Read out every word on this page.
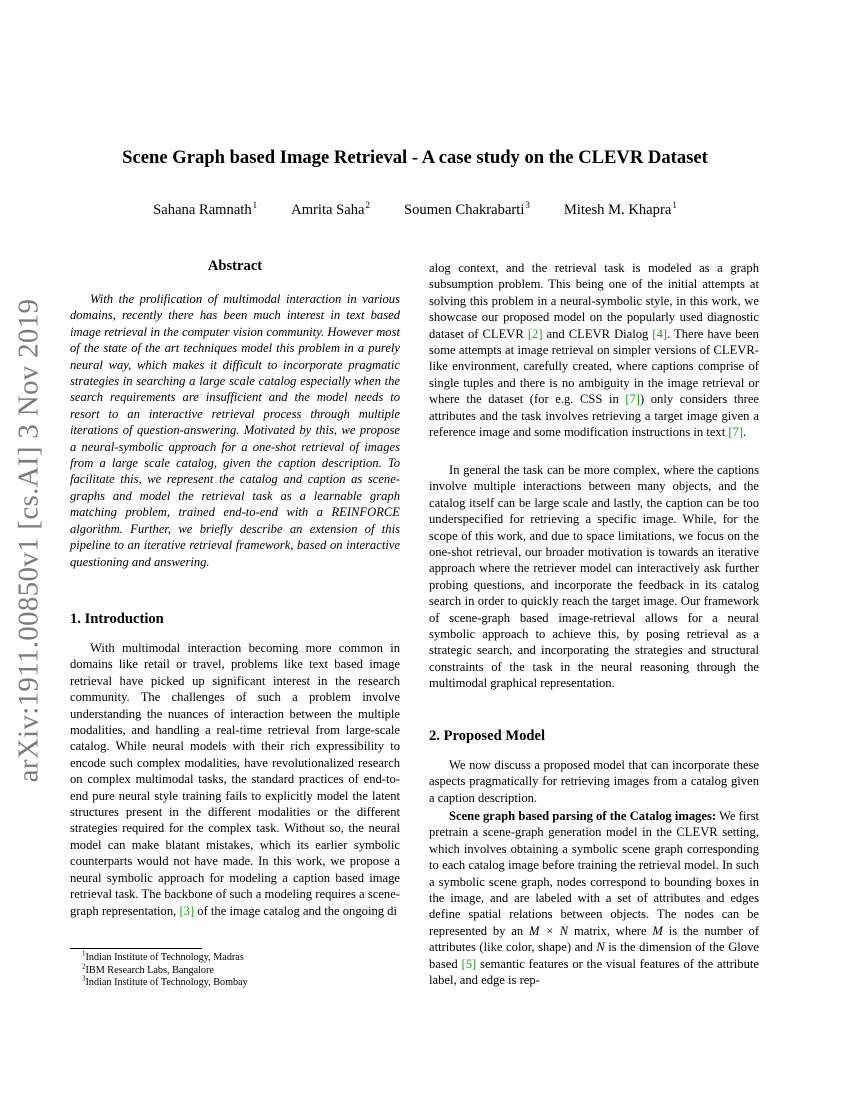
arXiv:1911.00850v1 [cs.AI] 3 Nov 2019
Scene Graph based Image Retrieval - A case study on the CLEVR Dataset
Sahana Ramnath$^1$ Amrita Saha$^2$ Soumen Chakrabarti$^3$ Mitesh M. Khapra$^1$
Abstract

With the prolification of multimodal interaction in various domains, recently there has been much interest in text based image retrieval in the computer vision community. However most of the state of the art techniques model this problem in a purely neural way, which makes it difficult to incorporate pragmatic strategies in searching a large scale catalog especially when the search requirements are insufficient and the model needs to resort to an interactive retrieval process through multiple iterations of question-answering. Motivated by this, we propose a neural-symbolic approach for a one-shot retrieval of images from a large scale catalog, given the caption description. To facilitate this, we represent the catalog and caption as scene-graphs and model the retrieval task as a learnable graph matching problem, trained end-to-end with a REINFORCE algorithm. Further, we briefly describe an extension of this pipeline to an iterative retrieval framework, based on interactive questioning and answering.

1. Introduction

With multimodal interaction becoming more common in domains like retail or travel, problems like text based image retrieval have picked up significant interest in the research community. The challenges of such a problem involve understanding the nuances of interaction between the multiple modalities, and handling a real-time retrieval from large-scale catalog. While neural models with their rich expressibility to encode such complex modalities, have revolutionalized research on complex multimodal tasks, the standard practices of end-to-end pure neural style training fails to explicitly model the latent structures present in the different modalities or the different strategies required for the complex task. Without so, the neural model can make blatant mistakes, which its earlier symbolic counterparts would not have made. In this work, we propose a neural symbolic approach for modeling a caption based image retrieval task. The backbone of such a modeling requires a scene-graph representation, [3] of the image catalog and the ongoing di

alog context, and the retrieval task is modeled as a graph subsumption problem. This being one of the initial attempts at solving this problem in a neural-symbolic style, in this work, we showcase our proposed model on the popularly used diagnostic dataset of CLEVR [2] and CLEVR Dialog [4]. There have been some attempts at image retrieval on simpler versions of CLEVR-like environment, carefully created, where captions comprise of single tuples and there is no ambiguity in the image retrieval or where the dataset (for e.g. CSS in [7]) only considers three attributes and the task involves retrieving a target image given a reference image and some modification instructions in text [7].

In general the task can be more complex, where the captions involve multiple interactions between many objects, and the catalog itself can be large scale and lastly, the caption can be too underspecified for retrieving a specific image. While, for the scope of this work, and due to space limitations, we focus on the one-shot retrieval, our broader motivation is towards an iterative approach where the retriever model can interactively ask further probing questions, and incorporate the feedback in its catalog search in order to quickly reach the target image. Our framework of scene-graph based image-retrieval allows for a neural symbolic approach to achieve this, by posing retrieval as a strategic search, and incorporating the strategies and structural constraints of the task in the neural reasoning through the multimodal graphical representation.

2. Proposed Model

We now discuss a proposed model that can incorporate these aspects pragmatically for retrieving images from a catalog given a caption description.

Scene graph based parsing of the Catalog images: We first pretrain a scene-graph generation model in the CLEVR setting, which involves obtaining a symbolic scene graph corresponding to each catalog image before training the retrieval model. In such a symbolic scene graph, nodes correspond to bounding boxes in the image, and are labeled with a set of attributes and edges define spatial relations between objects. The nodes can be represented by an M × N matrix, where M is the number of attributes (like color, shape) and N is the dimension of the Glove based [5] semantic features or the visual features of the attribute label, and edge is rep-

$^1$Indian Institute of Technology, Madras
$^2$IBM Research Labs, Bangalore
$^3$Indian Institute of Technology, Bombay
